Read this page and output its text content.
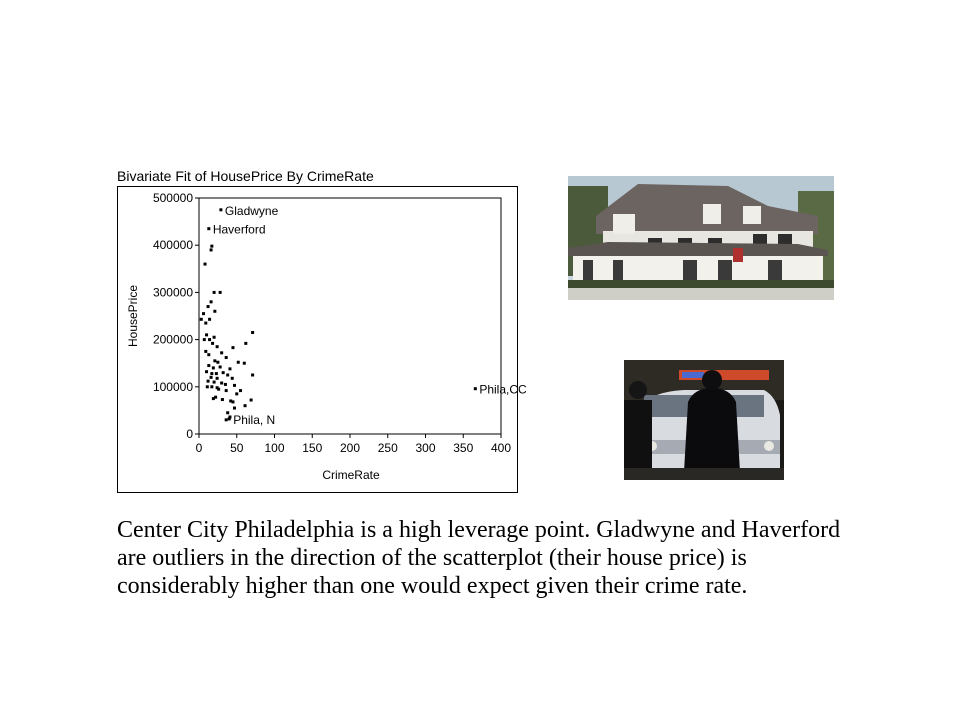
Bivariate Fit of HousePrice By CrimeRate
0
100000
200000
300000
400000
500000
0 50 100 150 200 250 300 350 400
CrimeRate
HousePrice
Gladwyne
Haverford
Phila,CC
Phila, N

Center City Philadelphia is a high leverage point. Gladwyne and Haverford are outliers in the direction of the scatterplot (their house price) is considerably higher than one would expect given their crime rate.
